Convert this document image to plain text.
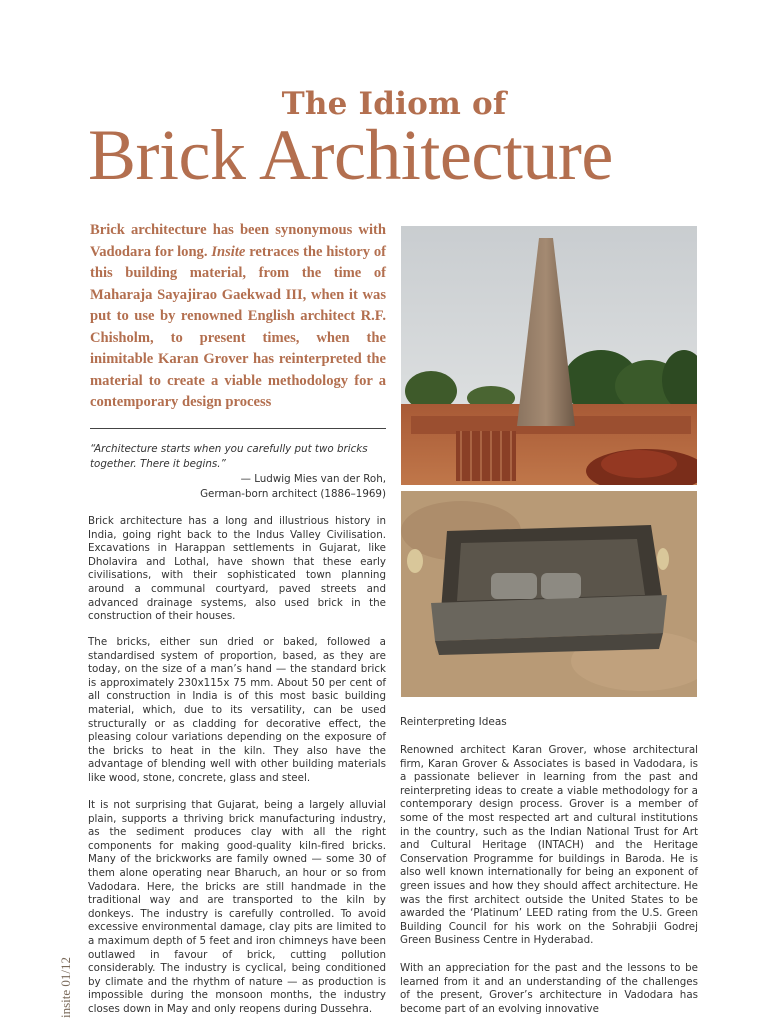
The Idiom of
Brick Architecture
Brick architecture has been synonymous with Vadodara for long. Insite retraces the history of this building material, from the time of Maharaja Sayajirao Gaekwad III, when it was put to use by renowned English architect R.F. Chisholm, to present times, when the inimitable Karan Grover has reinterpreted the material to create a viable methodology for a contemporary design process
“Architecture starts when you carefully put two bricks together. There it begins.”
— Ludwig Mies van der Roh,
German-born architect (1886–1969)

Brick architecture has a long and illustrious history in India, going right back to the Indus Valley Civilisation. Excavations in Harappan settlements in Gujarat, like Dholavira and Lothal, have shown that these early civilisations, with their sophisticated town planning around a communal courtyard, paved streets and advanced drainage systems, also used brick in the construction of their houses.

The bricks, either sun dried or baked, followed a standardised system of proportion, based, as they are today, on the size of a man’s hand — the standard brick is approximately 230x115x 75 mm. About 50 per cent of all construction in India is of this most basic building material, which, due to its versatility, can be used structurally or as cladding for decorative effect, the pleasing colour variations depending on the exposure of the bricks to heat in the kiln. They also have the advantage of blending well with other building materials like wood, stone, concrete, glass and steel.

It is not surprising that Gujarat, being a largely alluvial plain, supports a thriving brick manufacturing industry, as the sediment produces clay with all the right components for making good-quality kiln-fired bricks. Many of the brickworks are family owned — some 30 of them alone operating near Bharuch, an hour or so from Vadodara. Here, the bricks are still handmade in the traditional way and are transported to the kiln by donkeys. The industry is carefully controlled. To avoid excessive environmental damage, clay pits are limited to a maximum depth of 5 feet and iron chimneys have been outlawed in favour of brick, cutting pollution considerably. The industry is cyclical, being conditioned by climate and the rhythm of nature — as production is impossible during the monsoon months, the industry closes down in May and only reopens during Dussehra.

Reinterpreting Ideas

Renowned architect Karan Grover, whose architectural firm, Karan Grover & Associates is based in Vadodara, is a passionate believer in learning from the past and reinterpreting ideas to create a viable methodology for a contemporary design process. Grover is a member of some of the most respected art and cultural institutions in the country, such as the Indian National Trust for Art and Cultural Heritage (INTACH) and the Heritage Conservation Programme for buildings in Baroda. He is also well known internationally for being an exponent of green issues and how they should affect architecture. He was the first architect outside the United States to be awarded the ‘Platinum’ LEED rating from the U.S. Green Building Council for his work on the Sohrabjii Godrej Green Business Centre in Hyderabad.

With an appreciation for the past and the lessons to be learned from it and an understanding of the challenges of the present, Grover’s architecture in Vadodara has become part of an evolving innovative

insite 01/12
